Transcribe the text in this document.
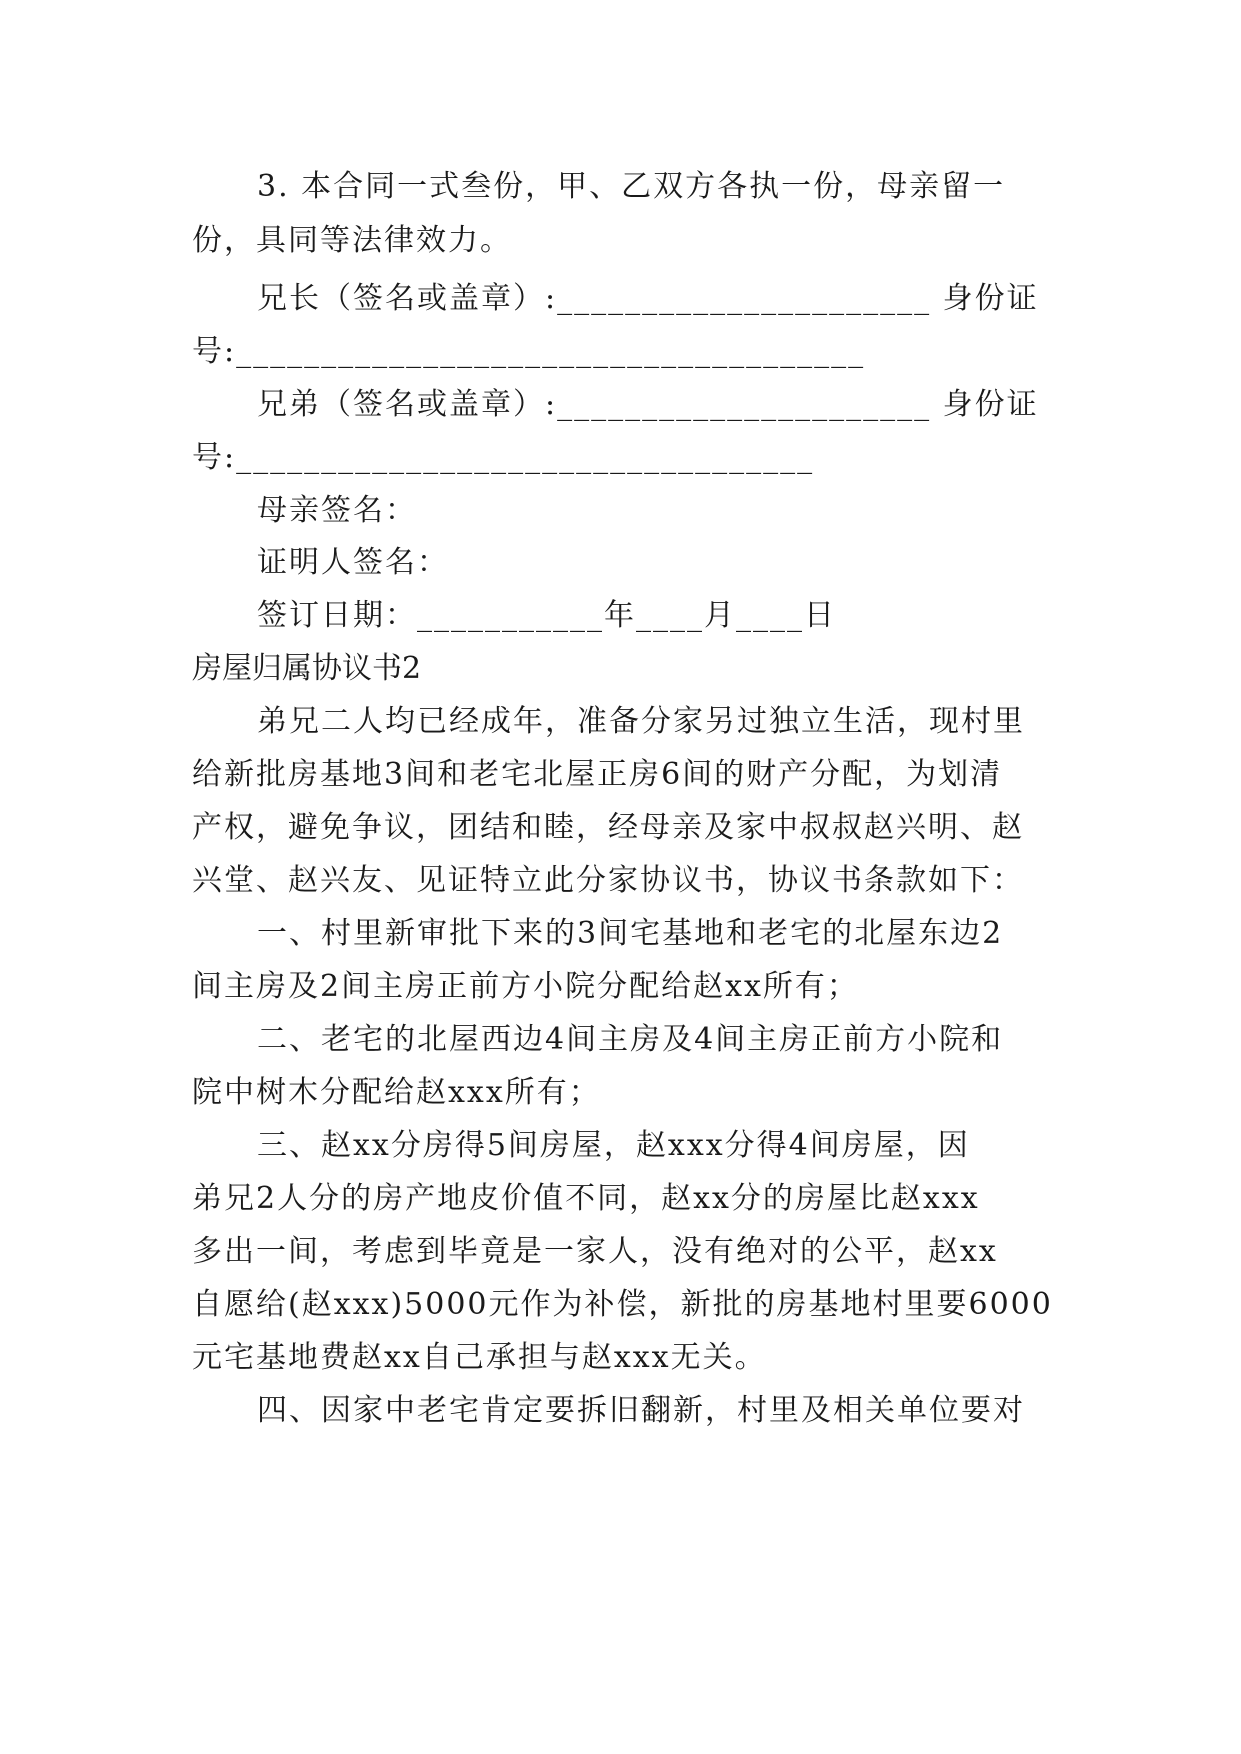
3. 本合同一式叁份，甲、乙双方各执一份，母亲留一
份，具同等法律效力。
兄长（签名或盖章）:______________________ 身份证
号:_____________________________________
兄弟（签名或盖章）:______________________ 身份证
号:__________________________________
母亲签名：
证明人签名：
签订日期：___________年____月____日
房屋归属协议书2
弟兄二人均已经成年，准备分家另过独立生活，现村里
给新批房基地3间和老宅北屋正房6间的财产分配，为划清
产权，避免争议，团结和睦，经母亲及家中叔叔赵兴明、赵
兴堂、赵兴友、见证特立此分家协议书，协议书条款如下：
一、村里新审批下来的3间宅基地和老宅的北屋东边2
间主房及2间主房正前方小院分配给赵xx所有；
二、老宅的北屋西边4间主房及4间主房正前方小院和
院中树木分配给赵xxx所有；
三、赵xx分房得5间房屋，赵xxx分得4间房屋，因
弟兄2人分的房产地皮价值不同，赵xx分的房屋比赵xxx
多出一间，考虑到毕竟是一家人，没有绝对的公平，赵xx
自愿给(赵xxx)5000元作为补偿，新批的房基地村里要6000
元宅基地费赵xx自己承担与赵xxx无关。
四、因家中老宅肯定要拆旧翻新，村里及相关单位要对
